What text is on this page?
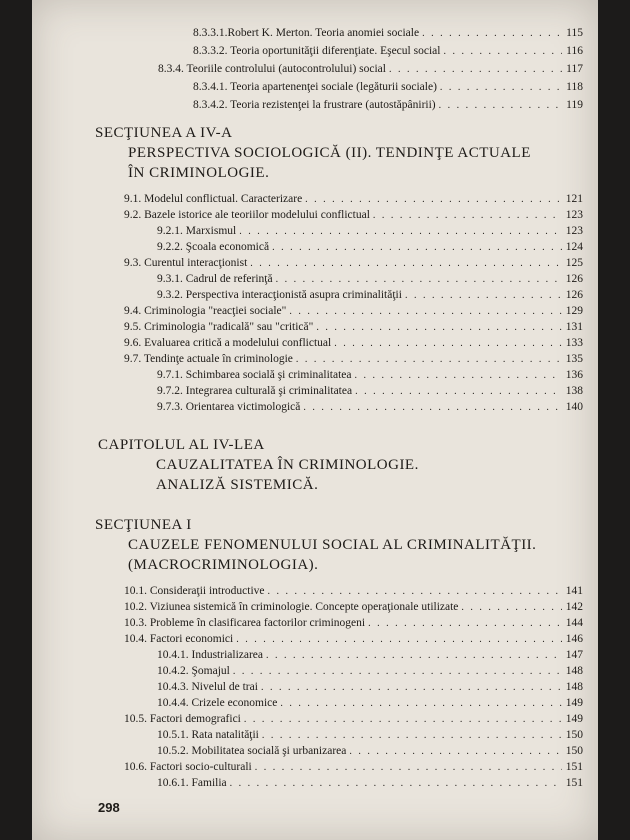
8.3.3.1.Robert K. Merton. Teoria anomiei sociale . . .	115
8.3.3.2. Teoria oportunităţii diferenţiate. Eşecul social . . .	116
8.3.4. Teoriile controlului (autocontrolului) social . . .	117
8.3.4.1. Teoria apartenenţei sociale (legăturii sociale) . . .	118
8.3.4.2. Teoria rezistenţei la frustrare (autostăpânirii) . . .	119
SECŢIUNEA A IV-A
PERSPECTIVA SOCIOLOGICĂ (II). TENDINŢE ACTUALE
ÎN CRIMINOLOGIE.
9.1. Modelul conflictual. Caracterizare . . .	121
9.2. Bazele istorice ale teoriilor modelului conflictual . . .	123
9.2.1. Marxismul . . .	123
9.2.2. Şcoala economică . . .	124
9.3. Curentul interacţionist . . .	125
9.3.1. Cadrul de referinţă . . .	126
9.3.2. Perspectiva interacţionistă asupra criminalităţii . . .	126
9.4. Criminologia "reacţiei sociale" . . .	129
9.5. Criminologia "radicală" sau "critică" . . .	131
9.6. Evaluarea critică a modelului conflictual . . .	133
9.7. Tendinţe actuale în criminologie . . .	135
9.7.1. Schimbarea socială şi criminalitatea . . .	136
9.7.2. Integrarea culturală şi criminalitatea . . .	138
9.7.3. Orientarea victimologică . . .	140
CAPITOLUL AL IV-LEA
CAUZALITATEA ÎN CRIMINOLOGIE.
ANALIZĂ SISTEMICĂ.
SECŢIUNEA I
CAUZELE FENOMENULUI SOCIAL AL CRIMINALITĂŢII.
(MACROCRIMINOLOGIA).
10.1. Consideraţii introductive . . .	141
10.2. Viziunea sistemică în criminologie. Concepte operaţionale utilizate . . .	142
10.3. Probleme în clasificarea factorilor criminogeni . . .	144
10.4. Factori economici . . .	146
10.4.1. Industrializarea . . .	147
10.4.2. Şomajul . . .	148
10.4.3. Nivelul de trai . . .	148
10.4.4. Crizele economice . . .	149
10.5. Factori demografici . . .	149
10.5.1. Rata natalităţii . . .	150
10.5.2. Mobilitatea socială şi urbanizarea . . .	150
10.6. Factori socio-culturali . . .	151
10.6.1. Familia . . .	151
298
